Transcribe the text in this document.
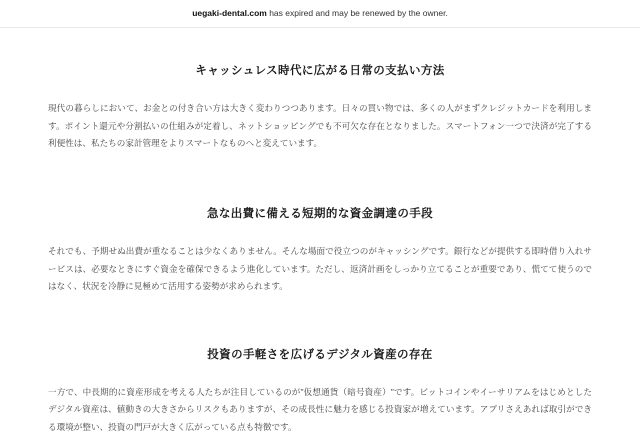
uegaki-dental.com has expired and may be renewed by the owner.
キャッシュレス時代に広がる日常の支払い方法

現代の暮らしにおいて、お金との付き合い方は大きく変わりつつあります。日々の買い物では、多くの人がまずクレジットカードを利用します。ポイント還元や分割払いの仕組みが定着し、ネットショッピングでも不可欠な存在となりました。スマートフォン一つで決済が完了する利便性は、私たちの家計管理をよりスマートなものへと変えています。

急な出費に備える短期的な資金調達の手段

それでも、予期せぬ出費が重なることは少なくありません。そんな場面で役立つのがキャッシングです。銀行などが提供する即時借り入れサービスは、必要なときにすぐ資金を確保できるよう進化しています。ただし、返済計画をしっかり立てることが重要であり、慌てて使うのではなく、状況を冷静に見極めて活用する姿勢が求められます。

投資の手軽さを広げるデジタル資産の存在

一方で、中長期的に資産形成を考える人たちが注目しているのが"仮想通貨（暗号資産）"です。ビットコインやイーサリアムをはじめとしたデジタル資産は、値動きの大きさからリスクもありますが、その成長性に魅力を感じる投資家が増えています。アプリさえあれば取引ができる環境が整い、投資の門戸が大きく広がっている点も特徴です。
